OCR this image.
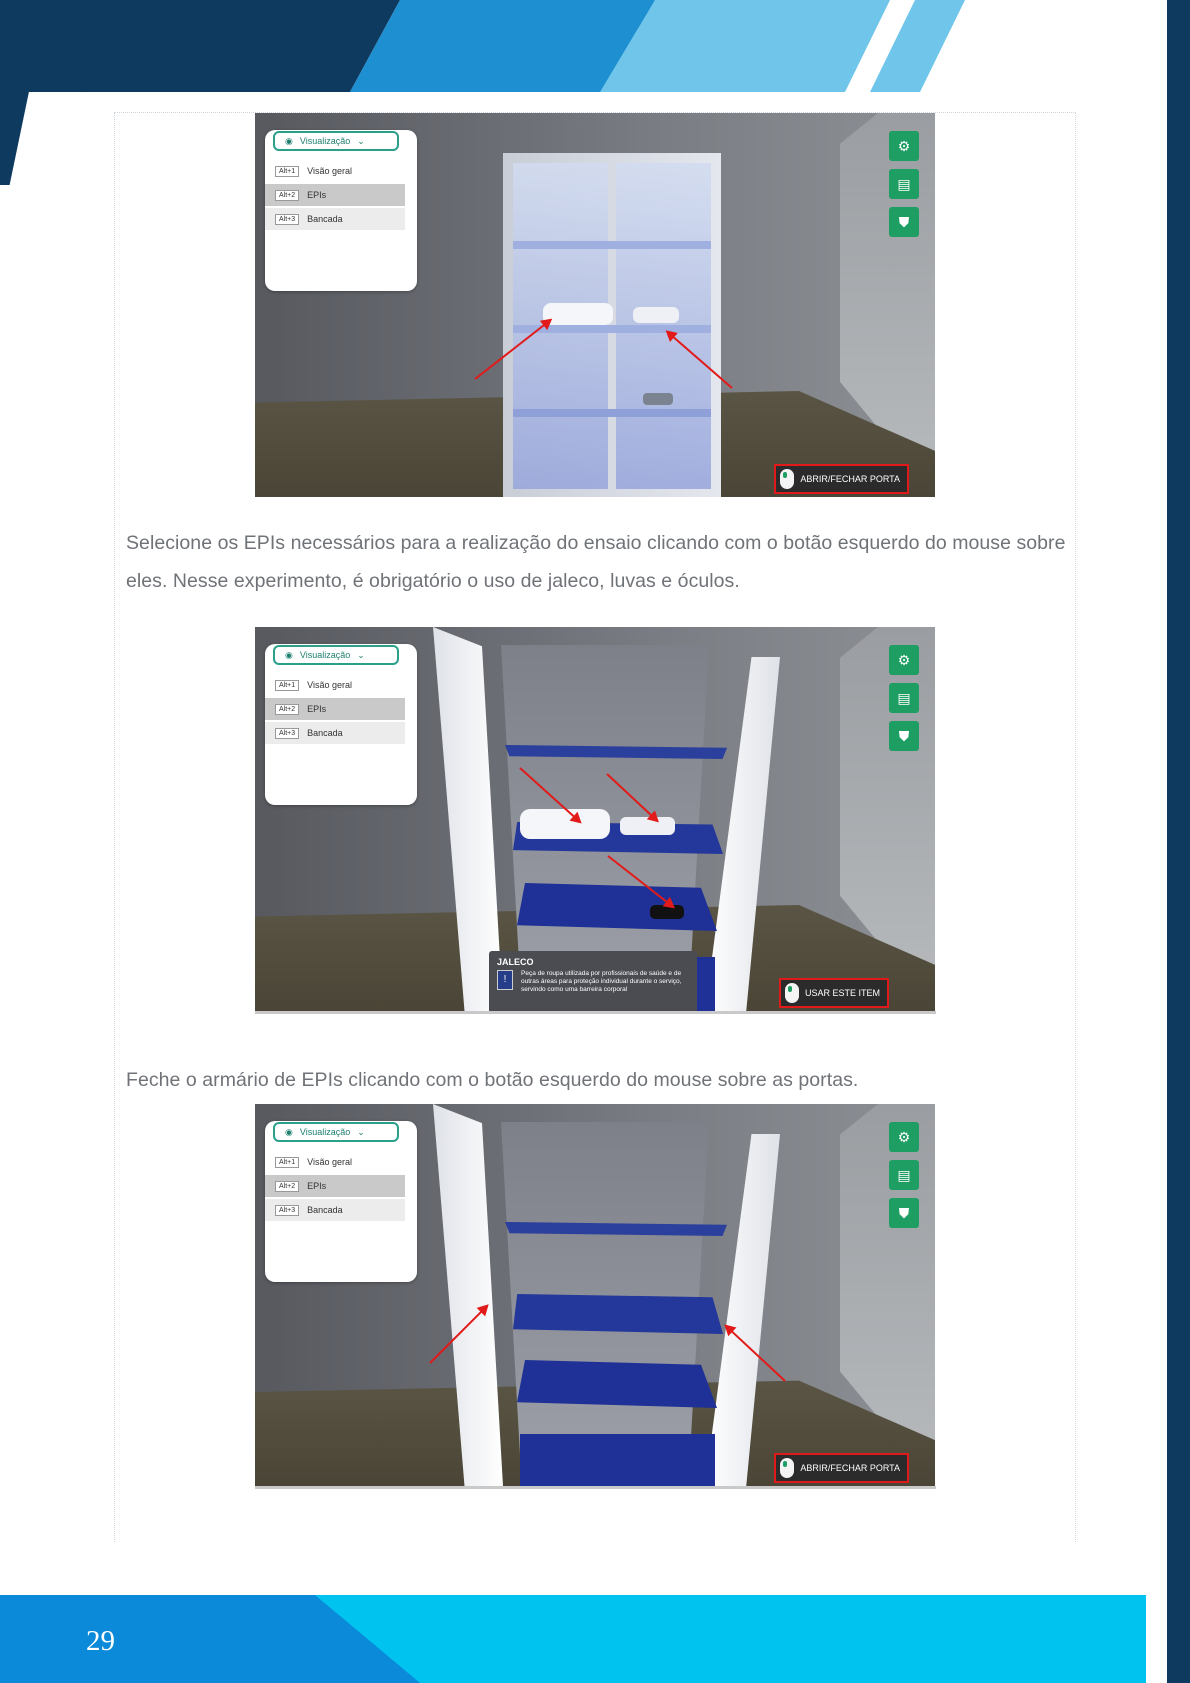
◉ Visualização ⌄
Alt+1	Visão geral
Alt+2	EPIs
Alt+3	Bancada
⚙
▤
⛊
ABRIR/FECHAR PORTA

Selecione os EPIs necessários para a realização do ensaio clicando com o botão esquerdo do mouse sobre eles. Nesse experimento, é obrigatório o uso de jaleco, luvas e óculos.

◉ Visualização ⌄
Alt+1	Visão geral
Alt+2	EPIs
Alt+3	Bancada
⚙
▤
⛊
JALECO
!
Peça de roupa utilizada por profissionais de saúde e de outras áreas para proteção individual durante o serviço, servindo como uma barreira corporal	USAR ESTE ITEM

Feche o armário de EPIs clicando com o botão esquerdo do mouse sobre as portas.

◉ Visualização ⌄
Alt+1	Visão geral
Alt+2	EPIs
Alt+3	Bancada
⚙
▤
⛊
ABRIR/FECHAR PORTA
29
